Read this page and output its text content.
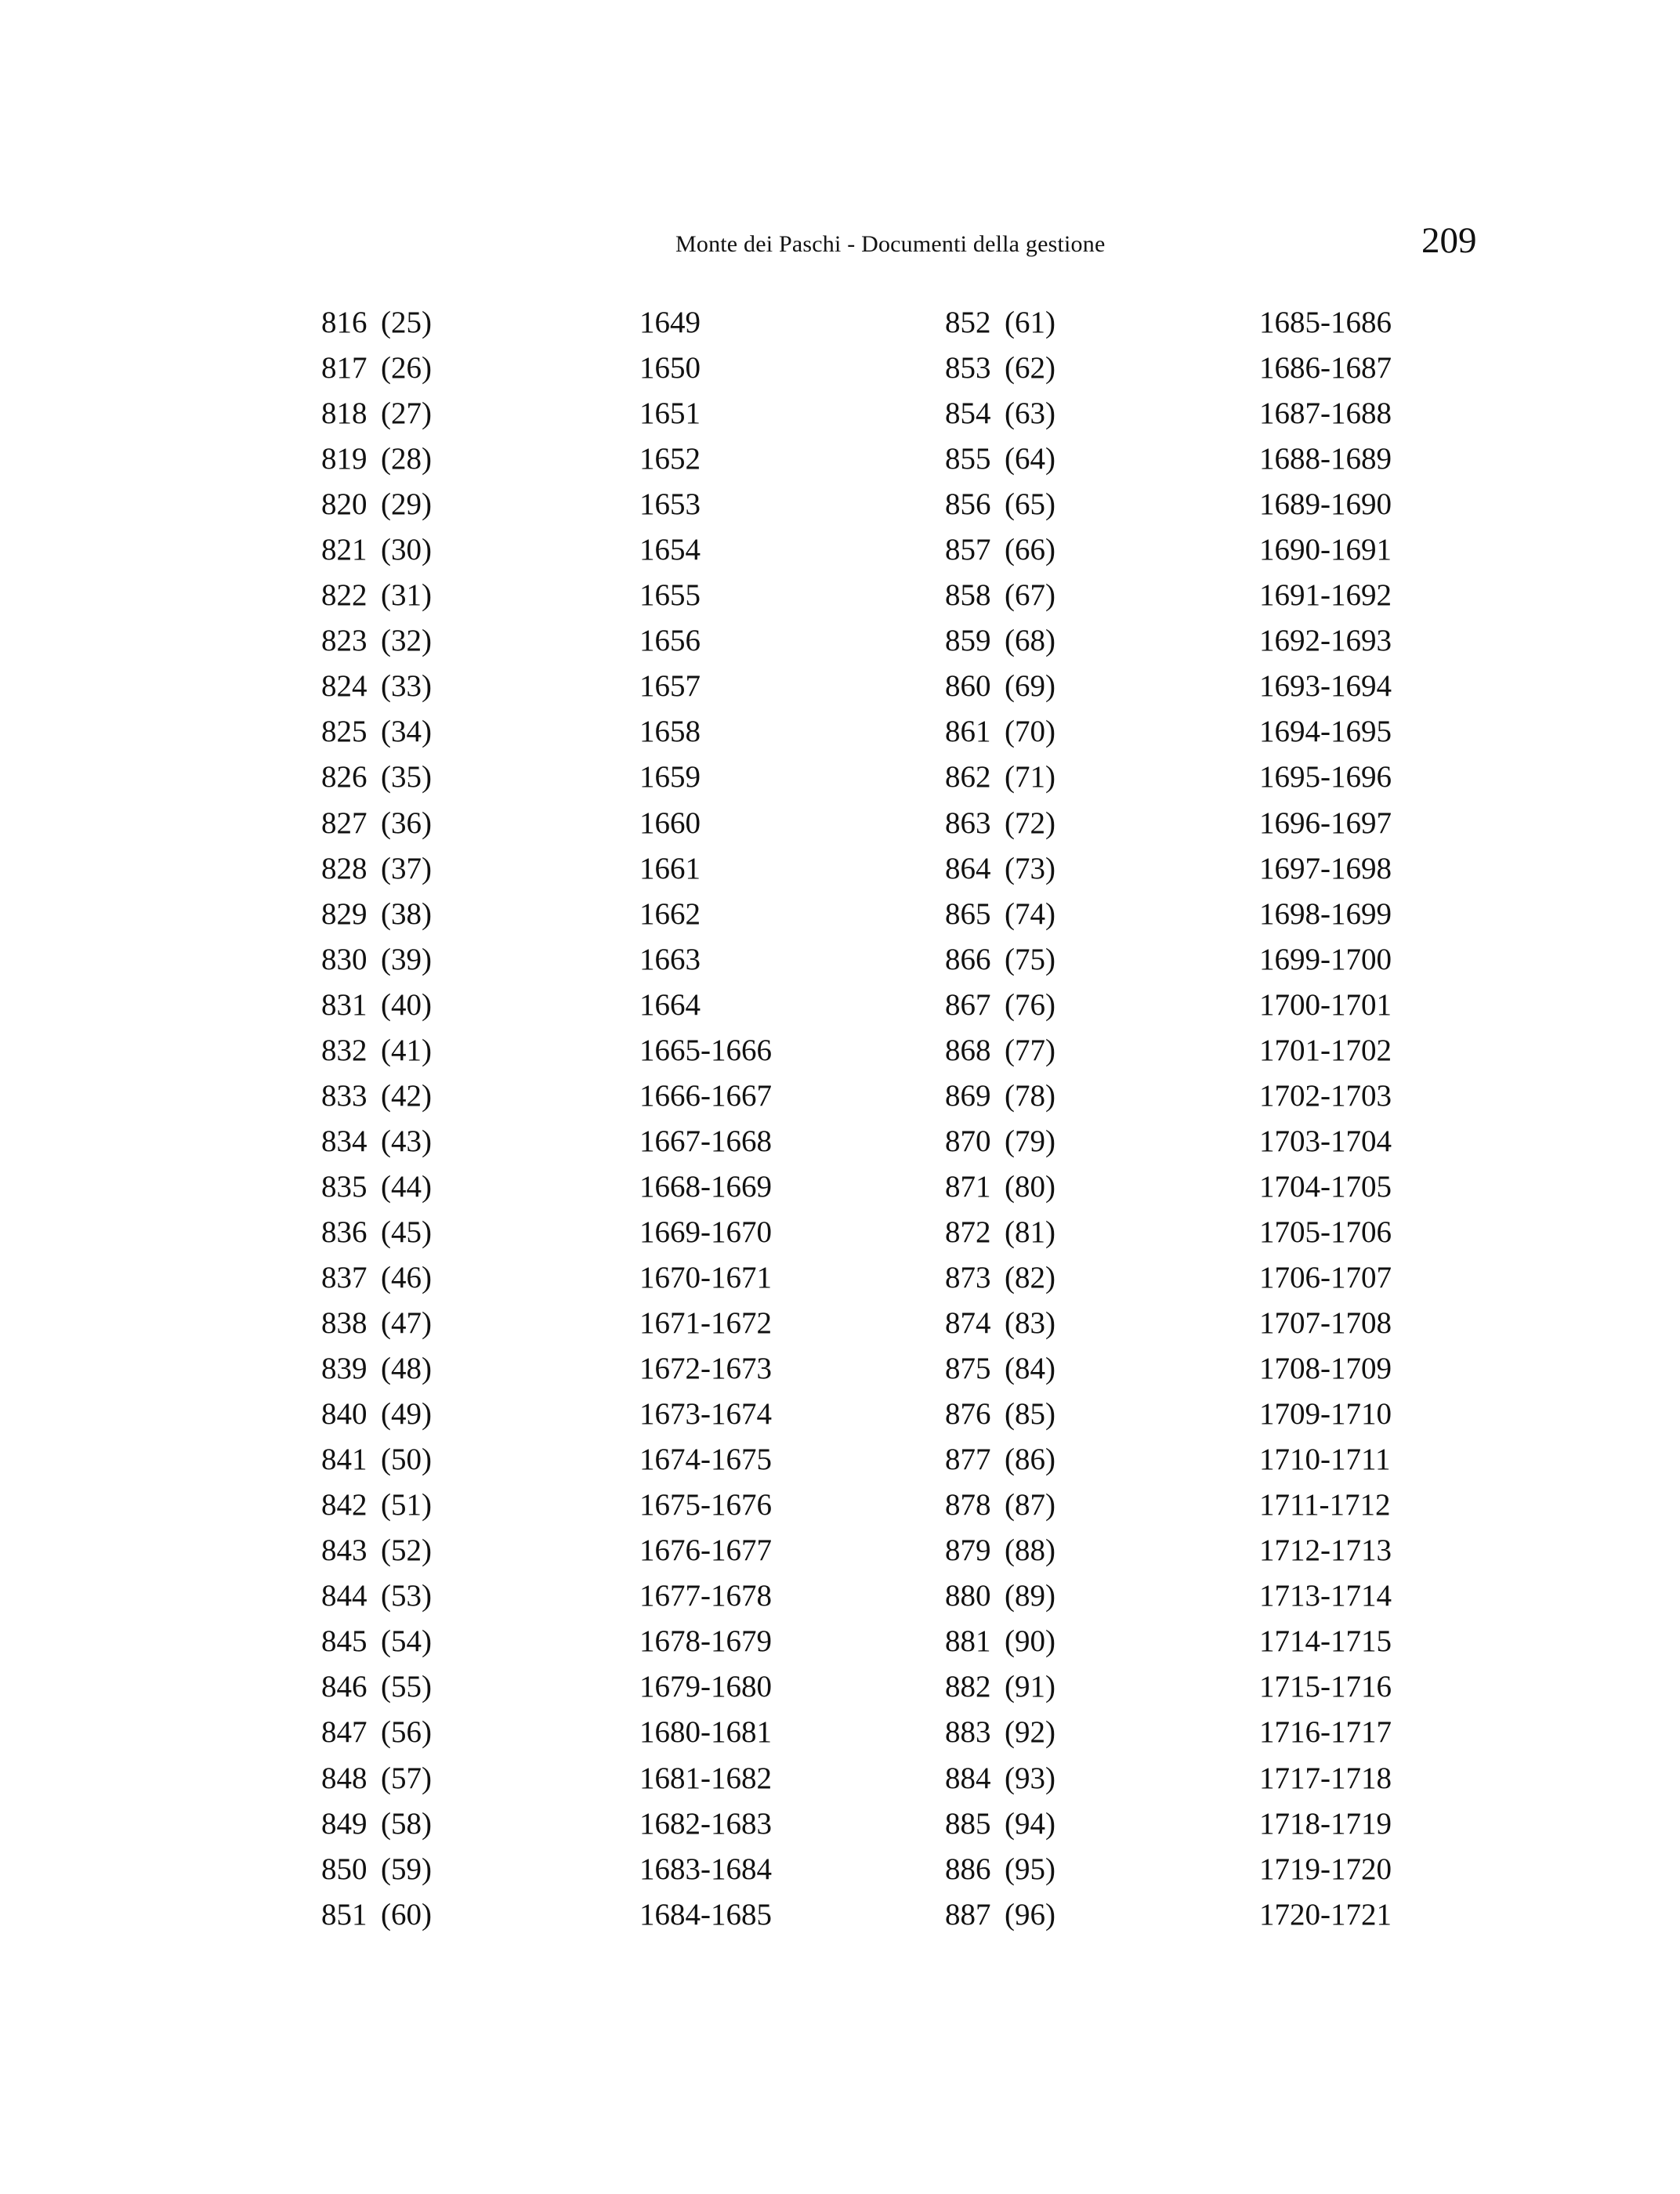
Monte dei Paschi - Documenti della gestione	209
816 (25)
817 (26)
818 (27)
819 (28)
820 (29)
821 (30)
822 (31)
823 (32)
824 (33)
825 (34)
826 (35)
827 (36)
828 (37)
829 (38)
830 (39)
831 (40)
832 (41)
833 (42)
834 (43)
835 (44)
836 (45)
837 (46)
838 (47)
839 (48)
840 (49)
841 (50)
842 (51)
843 (52)
844 (53)
845 (54)
846 (55)
847 (56)
848 (57)
849 (58)
850 (59)
851 (60)
1649
1650
1651
1652
1653
1654
1655
1656
1657
1658
1659
1660
1661
1662
1663
1664
1665-1666
1666-1667
1667-1668
1668-1669
1669-1670
1670-1671
1671-1672
1672-1673
1673-1674
1674-1675
1675-1676
1676-1677
1677-1678
1678-1679
1679-1680
1680-1681
1681-1682
1682-1683
1683-1684
1684-1685
852 (61)
853 (62)
854 (63)
855 (64)
856 (65)
857 (66)
858 (67)
859 (68)
860 (69)
861 (70)
862 (71)
863 (72)
864 (73)
865 (74)
866 (75)
867 (76)
868 (77)
869 (78)
870 (79)
871 (80)
872 (81)
873 (82)
874 (83)
875 (84)
876 (85)
877 (86)
878 (87)
879 (88)
880 (89)
881 (90)
882 (91)
883 (92)
884 (93)
885 (94)
886 (95)
887 (96)
1685-1686
1686-1687
1687-1688
1688-1689
1689-1690
1690-1691
1691-1692
1692-1693
1693-1694
1694-1695
1695-1696
1696-1697
1697-1698
1698-1699
1699-1700
1700-1701
1701-1702
1702-1703
1703-1704
1704-1705
1705-1706
1706-1707
1707-1708
1708-1709
1709-1710
1710-1711
1711-1712
1712-1713
1713-1714
1714-1715
1715-1716
1716-1717
1717-1718
1718-1719
1719-1720
1720-1721
